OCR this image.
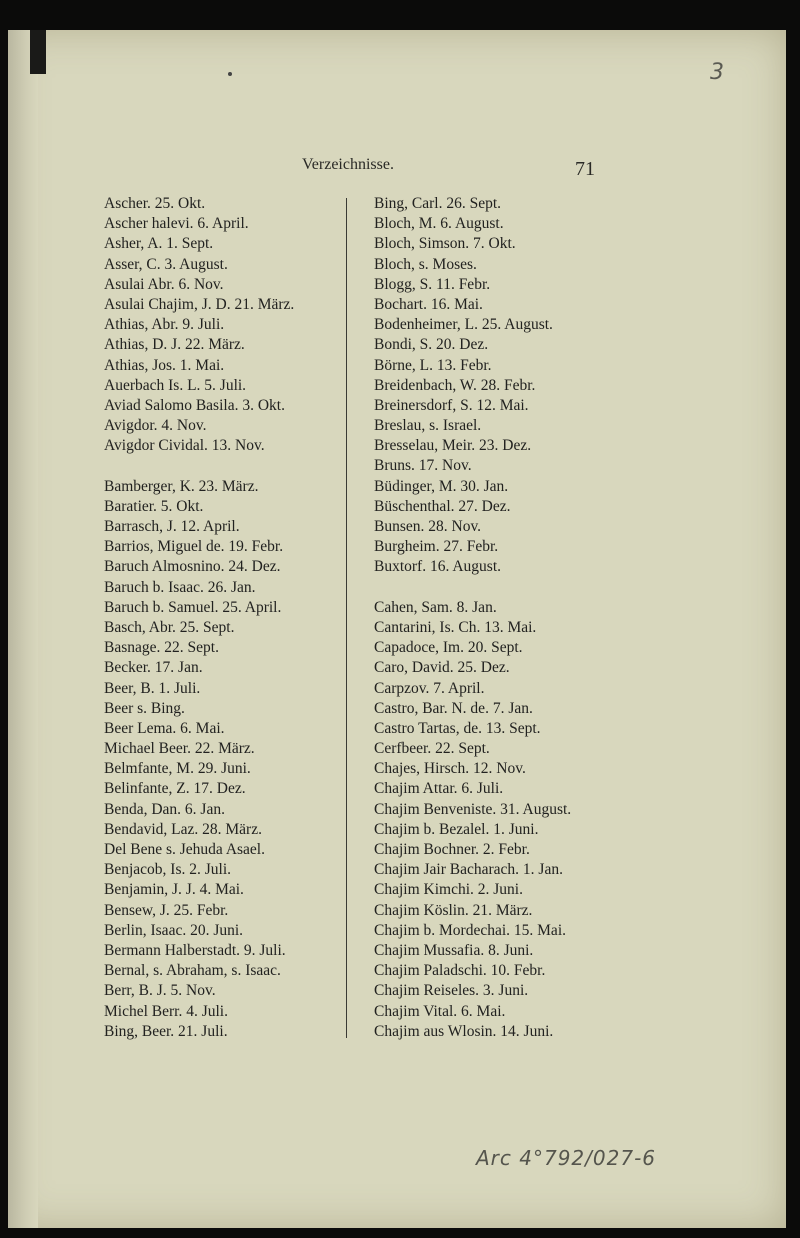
3
Verzeichnisse.	71
Ascher. 25. Okt.
Ascher halevi. 6. April.
Asher, A. 1. Sept.
Asser, C. 3. August.
Asulai Abr. 6. Nov.
Asulai Chajim, J. D. 21. März.
Athias, Abr. 9. Juli.
Athias, D. J. 22. März.
Athias, Jos. 1. Mai.
Auerbach Is. L. 5. Juli.
Aviad Salomo Basila. 3. Okt.
Avigdor. 4. Nov.
Avigdor Cividal. 13. Nov.
Bamberger, K. 23. März.
Baratier. 5. Okt.
Barrasch, J. 12. April.
Barrios, Miguel de. 19. Febr.
Baruch Almosnino. 24. Dez.
Baruch b. Isaac. 26. Jan.
Baruch b. Samuel. 25. April.
Basch, Abr. 25. Sept.
Basnage. 22. Sept.
Becker. 17. Jan.
Beer, B. 1. Juli.
Beer s. Bing.
Beer Lema. 6. Mai.
Michael Beer. 22. März.
Belmfante, M. 29. Juni.
Belinfante, Z. 17. Dez.
Benda, Dan. 6. Jan.
Bendavid, Laz. 28. März.
Del Bene s. Jehuda Asael.
Benjacob, Is. 2. Juli.
Benjamin, J. J. 4. Mai.
Bensew, J. 25. Febr.
Berlin, Isaac. 20. Juni.
Bermann Halberstadt. 9. Juli.
Bernal, s. Abraham, s. Isaac.
Berr, B. J. 5. Nov.
Michel Berr. 4. Juli.
Bing, Beer. 21. Juli.
Bing, Carl. 26. Sept.
Bloch, M. 6. August.
Bloch, Simson. 7. Okt.
Bloch, s. Moses.
Blogg, S. 11. Febr.
Bochart. 16. Mai.
Bodenheimer, L. 25. August.
Bondi, S. 20. Dez.
Börne, L. 13. Febr.
Breidenbach, W. 28. Febr.
Breinersdorf, S. 12. Mai.
Breslau, s. Israel.
Bresselau, Meir. 23. Dez.
Bruns. 17. Nov.
Büdinger, M. 30. Jan.
Büschenthal. 27. Dez.
Bunsen. 28. Nov.
Burgheim. 27. Febr.
Buxtorf. 16. August.
Cahen, Sam. 8. Jan.
Cantarini, Is. Ch. 13. Mai.
Capadoce, Im. 20. Sept.
Caro, David. 25. Dez.
Carpzov. 7. April.
Castro, Bar. N. de. 7. Jan.
Castro Tartas, de. 13. Sept.
Cerfbeer. 22. Sept.
Chajes, Hirsch. 12. Nov.
Chajim Attar. 6. Juli.
Chajim Benveniste. 31. August.
Chajim b. Bezalel. 1. Juni.
Chajim Bochner. 2. Febr.
Chajim Jair Bacharach. 1. Jan.
Chajim Kimchi. 2. Juni.
Chajim Köslin. 21. März.
Chajim b. Mordechai. 15. Mai.
Chajim Mussafia. 8. Juni.
Chajim Paladschi. 10. Febr.
Chajim Reiseles. 3. Juni.
Chajim Vital. 6. Mai.
Chajim aus Wlosin. 14. Juni.
Arc 4°792/027-6
